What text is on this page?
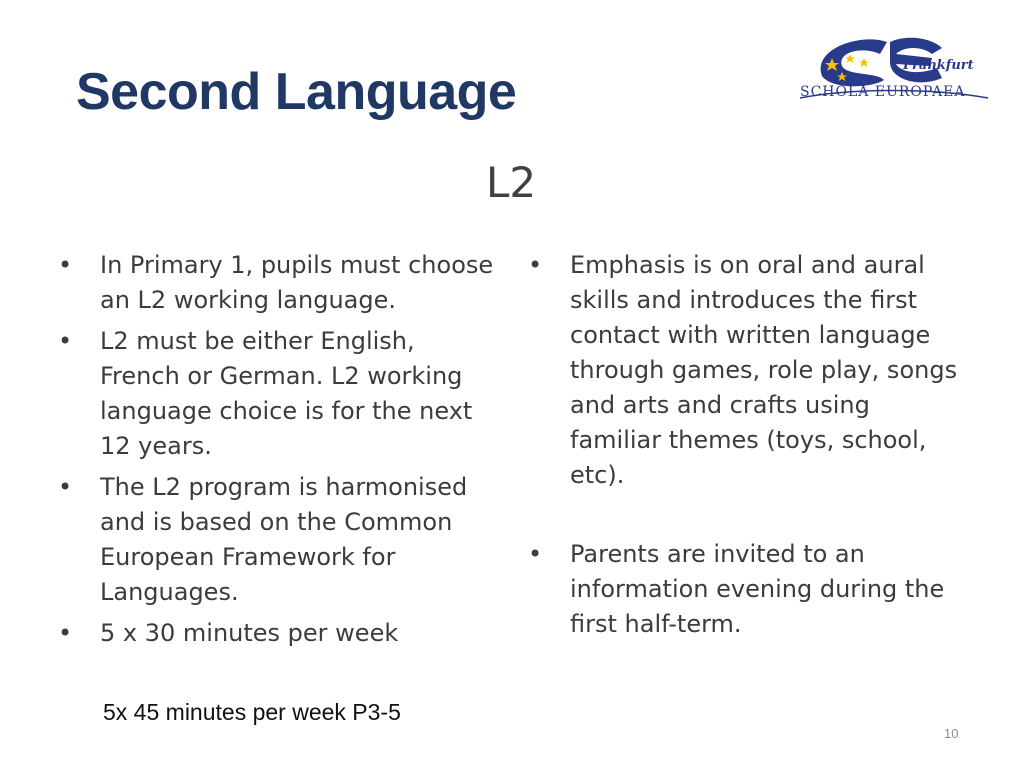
Second Language	Frankfurt
SCHOLA EUROPAEA
L2
• In Primary 1, pupils must choose an L2 working language.
• L2 must be either English, French or German. L2 working language choice is for the next 12 years.
• The L2 program is harmonised and is based on the Common European Framework for Languages.
• 5 x 30 minutes per week
• Emphasis is on oral and aural skills and introduces the first contact with written language through games, role play, songs and arts and crafts using familiar themes (toys, school, etc).
• Parents are invited to an information evening during the first half-term.

5x 45 minutes per week P3-5

10
